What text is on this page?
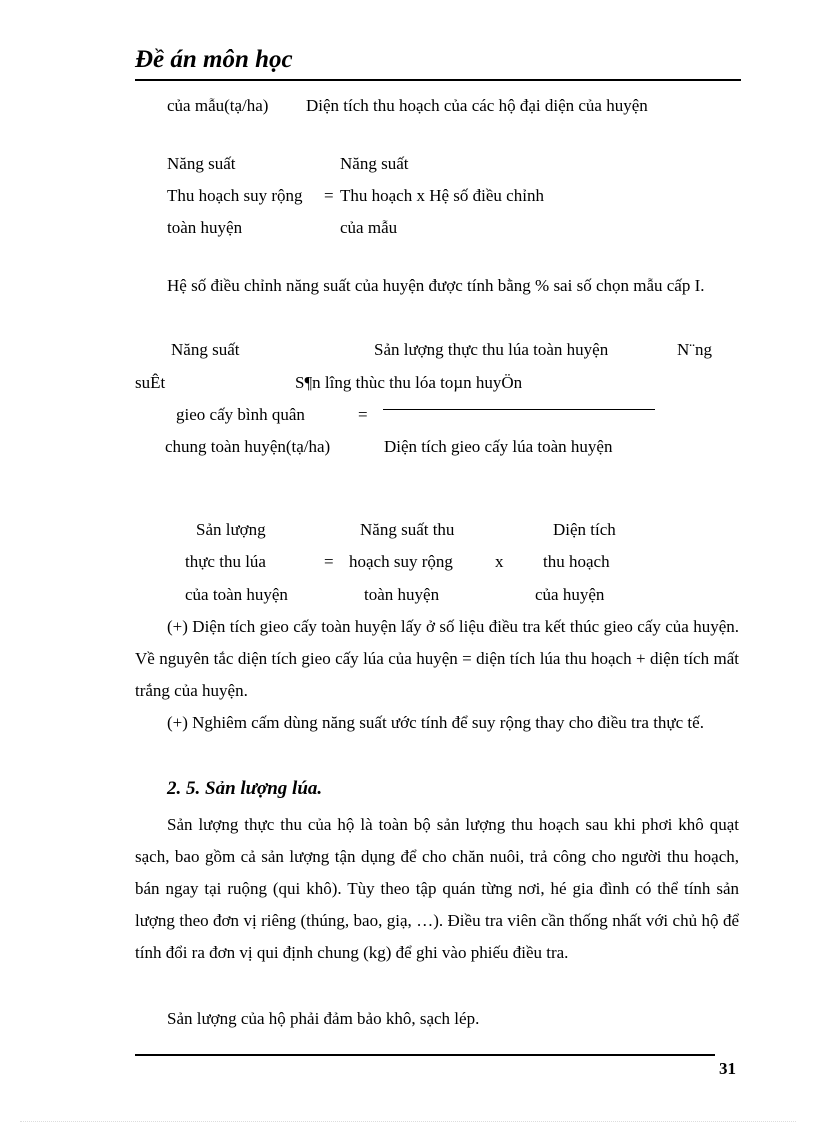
Đề án môn học
của mẫu(tạ/ha) Diện tích thu hoạch của các hộ đại diện của huyện
Năng suất
Thu hoạch suy rộng
toàn huyện
=
Năng suất
Thu hoạch x Hệ số điều chỉnh
của mẫu
Hệ số điều chỉnh năng suất của huyện được tính bằng % sai số chọn mẫu cấp I.
Năng suất	Sản lượng thực thu lúa toàn huyện	N¨ng
suÊt	S¶n lîng thùc thu lóa toµn huyÖn
gieo cấy bình quân	=
chung toàn huyện(tạ/ha)	Diện tích gieo cấy lúa toàn huyện
Sản lượng
thực thu lúa
của toàn huyện
=
Năng suất thu
hoạch suy rộng
toàn huyện
x
Diện tích
thu hoạch
của huyện
(+) Diện tích gieo cấy toàn huyện lấy ở số liệu điều tra kết thúc gieo cấy của huyện. Về nguyên tắc diện tích gieo cấy lúa của huyện = diện tích lúa thu hoạch + diện tích mất trắng của huyện.
(+) Nghiêm cấm dùng năng suất ước tính để suy rộng thay cho điều tra thực tế.
2. 5. Sản lượng lúa.
Sản lượng thực thu của hộ là toàn bộ sản lượng thu hoạch sau khi phơi khô quạt sạch, bao gồm cả sản lượng tận dụng để cho chăn nuôi, trả công cho người thu hoạch, bán ngay tại ruộng (qui khô). Tùy theo tập quán từng nơi, hé gia đình có thể tính sản lượng theo đơn vị riêng (thúng, bao, giạ, …). Điều tra viên cần thống nhất với chủ hộ để tính đổi ra đơn vị qui định chung (kg) để ghi vào phiếu điều tra.
Sản lượng của hộ phải đảm bảo khô, sạch lép.
31
